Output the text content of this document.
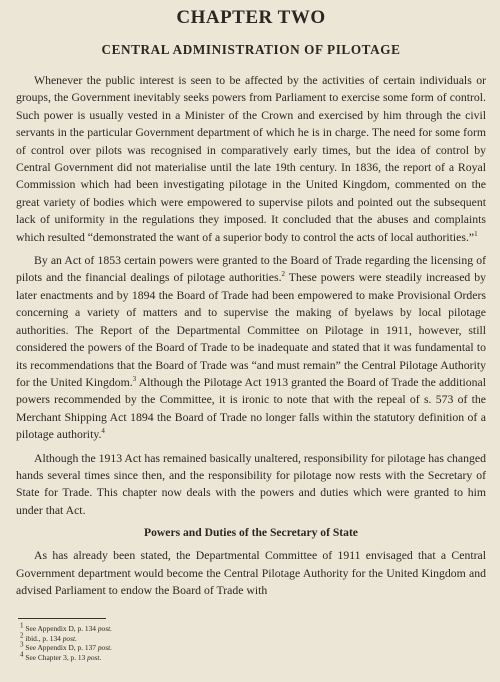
CHAPTER TWO
CENTRAL ADMINISTRATION OF PILOTAGE

Whenever the public interest is seen to be affected by the activities of certain individuals or groups, the Government inevitably seeks powers from Parliament to exercise some form of control. Such power is usually vested in a Minister of the Crown and exercised by him through the civil servants in the particular Government department of which he is in charge. The need for some form of control over pilots was recognised in comparatively early times, but the idea of control by Central Government did not materialise until the late 19th century. In 1836, the report of a Royal Commission which had been investigating pilotage in the United Kingdom, commented on the great variety of bodies which were empowered to supervise pilots and pointed out the subsequent lack of uniformity in the regulations they imposed. It concluded that the abuses and complaints which resulted “demonstrated the want of a superior body to control the acts of local authorities.”$^1$

By an Act of 1853 certain powers were granted to the Board of Trade regarding the licensing of pilots and the financial dealings of pilotage authorities.$^2$ These powers were steadily increased by later enactments and by 1894 the Board of Trade had been empowered to make Provisional Orders concerning a variety of matters and to supervise the making of byelaws by local pilotage authorities. The Report of the Departmental Committee on Pilotage in 1911, however, still considered the powers of the Board of Trade to be inadequate and stated that it was fundamental to its recommendations that the Board of Trade was “and must remain” the Central Pilotage Authority for the United Kingdom.$^3$ Although the Pilotage Act 1913 granted the Board of Trade the additional powers recommended by the Committee, it is ironic to note that with the repeal of s. 573 of the Merchant Shipping Act 1894 the Board of Trade no longer falls within the statutory definition of a pilotage authority.$^4$

Although the 1913 Act has remained basically unaltered, responsibility for pilotage has changed hands several times since then, and the responsibility for pilotage now rests with the Secretary of State for Trade. This chapter now deals with the powers and duties which were granted to him under that Act.

Powers and Duties of the Secretary of State

As has already been stated, the Departmental Committee of 1911 envisaged that a Central Government department would become the Central Pilotage Authority for the United Kingdom and advised Parliament to endow the Board of Trade with

$^1$ See Appendix D, p. 134 post.
$^2$ ibid., p. 134 post.
$^3$ See Appendix D, p. 137 post.
$^4$ See Chapter 3, p. 13 post.
